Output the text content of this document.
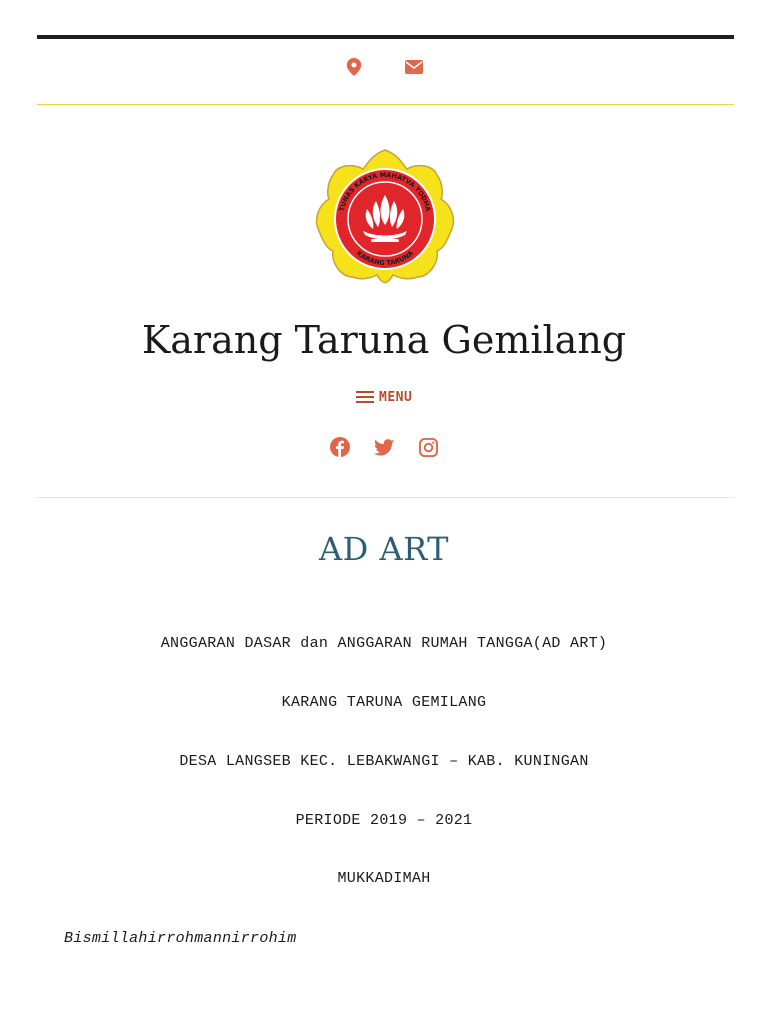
TUNAS KARYA MAHATVA YODHA
KARANG TARUNA
Karang Taruna Gemilang
MENU
AD ART
ANGGARAN DASAR dan ANGGARAN RUMAH TANGGA(AD ART)
KARANG TARUNA GEMILANG
DESA LANGSEB KEC. LEBAKWANGI – KAB. KUNINGAN
PERIODE 2019 – 2021
MUKKADIMAH
Bismillahirrohmannirrohim
